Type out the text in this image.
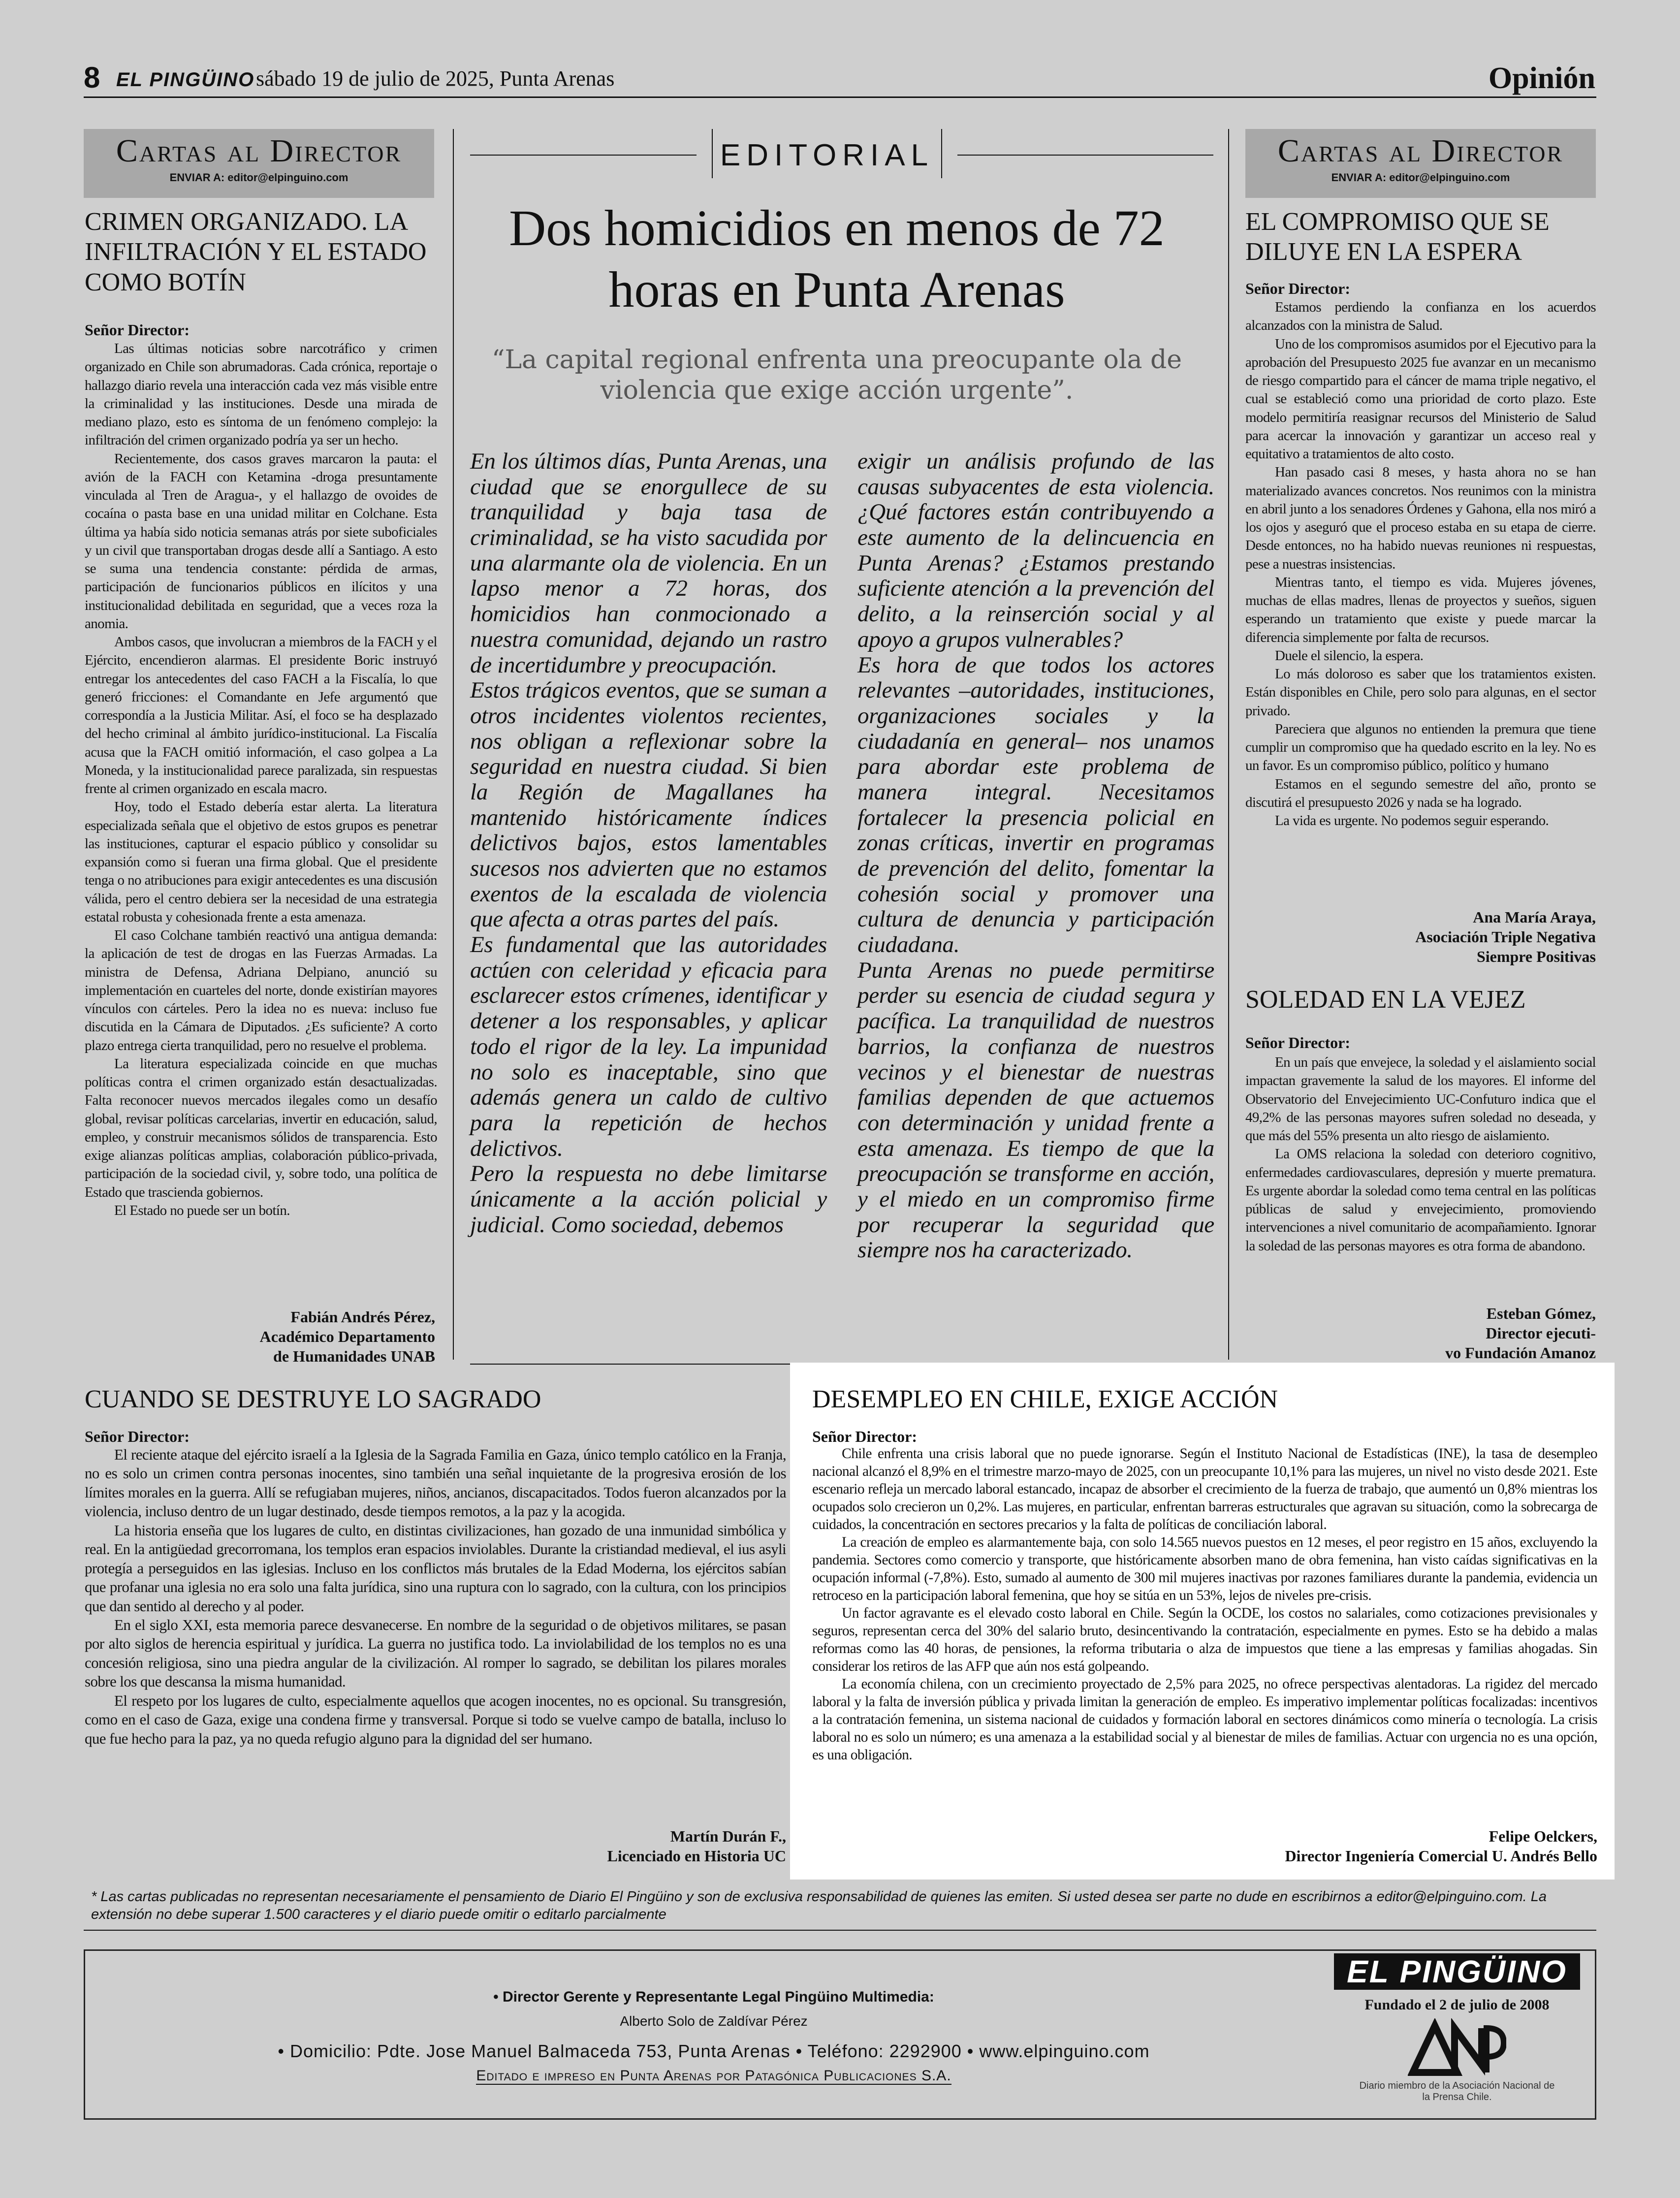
8 EL PINGÜINO sábado 19 de julio de 2025, Punta Arenas	Opinión
Cartas al Director
ENVIAR A: editor@elpinguino.com
CRIMEN ORGANIZADO. LA INFILTRACIÓN Y EL ESTADO COMO BOTÍN
Señor Director:

Las últimas noticias sobre narcotráfico y crimen organizado en Chile son abrumadoras. Cada crónica, reportaje o hallazgo diario revela una interacción cada vez más visible entre la criminalidad y las instituciones. Desde una mirada de mediano plazo, esto es síntoma de un fenómeno complejo: la infiltración del crimen organizado podría ya ser un hecho.

Recientemente, dos casos graves marcaron la pauta: el avión de la FACH con Ketamina -droga presuntamente vinculada al Tren de Aragua-, y el hallazgo de ovoides de cocaína o pasta base en una unidad militar en Colchane. Esta última ya había sido noticia semanas atrás por siete suboficiales y un civil que transportaban drogas desde allí a Santiago. A esto se suma una tendencia constante: pérdida de armas, participación de funcionarios públicos en ilícitos y una institucionalidad debilitada en seguridad, que a veces roza la anomia.

Ambos casos, que involucran a miembros de la FACH y el Ejército, encendieron alarmas. El presidente Boric instruyó entregar los antecedentes del caso FACH a la Fiscalía, lo que generó fricciones: el Comandante en Jefe argumentó que correspondía a la Justicia Militar. Así, el foco se ha desplazado del hecho criminal al ámbito jurídico-institucional. La Fiscalía acusa que la FACH omitió información, el caso golpea a La Moneda, y la institucionalidad parece paralizada, sin respuestas frente al crimen organizado en escala macro.

Hoy, todo el Estado debería estar alerta. La literatura especializada señala que el objetivo de estos grupos es penetrar las instituciones, capturar el espacio público y consolidar su expansión como si fueran una firma global. Que el presidente tenga o no atribuciones para exigir antecedentes es una discusión válida, pero el centro debiera ser la necesidad de una estrategia estatal robusta y cohesionada frente a esta amenaza.

El caso Colchane también reactivó una antigua demanda: la aplicación de test de drogas en las Fuerzas Armadas. La ministra de Defensa, Adriana Delpiano, anunció su implementación en cuarteles del norte, donde existirían mayores vínculos con cárteles. Pero la idea no es nueva: incluso fue discutida en la Cámara de Diputados. ¿Es suficiente? A corto plazo entrega cierta tranquilidad, pero no resuelve el problema.

La literatura especializada coincide en que muchas políticas contra el crimen organizado están desactualizadas. Falta reconocer nuevos mercados ilegales como un desafío global, revisar políticas carcelarias, invertir en educación, salud, empleo, y construir mecanismos sólidos de transparencia. Esto exige alianzas políticas amplias, colaboración público-privada, participación de la sociedad civil, y, sobre todo, una política de Estado que trascienda gobiernos.

El Estado no puede ser un botín.

Fabián Andrés Pérez,
Académico Departamento
de Humanidades UNAB
EDITORIAL
Dos homicidios en menos de 72 horas en Punta Arenas
“La capital regional enfrenta una preocupante ola de violencia que exige acción urgente”.

En los últimos días, Punta Arenas, una ciudad que se enorgullece de su tranquilidad y baja tasa de criminalidad, se ha visto sacudida por una alarmante ola de violencia. En un lapso menor a 72 horas, dos homicidios han conmocionado a nuestra comunidad, dejando un rastro de incertidumbre y preocupación.

Estos trágicos eventos, que se suman a otros incidentes violentos recientes, nos obligan a reflexionar sobre la seguridad en nuestra ciudad. Si bien la Región de Magallanes ha mantenido históricamente índices delictivos bajos, estos lamentables sucesos nos advierten que no estamos exentos de la escalada de violencia que afecta a otras partes del país.

Es fundamental que las autoridades actúen con celeridad y eficacia para esclarecer estos crímenes, identificar y detener a los responsables, y aplicar todo el rigor de la ley. La impunidad no solo es inaceptable, sino que además genera un caldo de cultivo para la repetición de hechos delictivos.

Pero la respuesta no debe limitarse únicamente a la acción policial y judicial. Como sociedad, debemos

exigir un análisis profundo de las causas subyacentes de esta violencia. ¿Qué factores están contribuyendo a este aumento de la delincuencia en Punta Arenas? ¿Estamos prestando suficiente atención a la prevención del delito, a la reinserción social y al apoyo a grupos vulnerables?

Es hora de que todos los actores relevantes –autoridades, instituciones, organizaciones sociales y la ciudadanía en general– nos unamos para abordar este problema de manera integral. Necesitamos fortalecer la presencia policial en zonas críticas, invertir en programas de prevención del delito, fomentar la cohesión social y promover una cultura de denuncia y participación ciudadana.

Punta Arenas no puede permitirse perder su esencia de ciudad segura y pacífica. La tranquilidad de nuestros barrios, la confianza de nuestros vecinos y el bienestar de nuestras familias dependen de que actuemos con determinación y unidad frente a esta amenaza. Es tiempo de que la preocupación se transforme en acción, y el miedo en un compromiso firme por recuperar la seguridad que siempre nos ha caracterizado.

Cartas al Director
ENVIAR A: editor@elpinguino.com
EL COMPROMISO QUE SE DILUYE EN LA ESPERA
Señor Director:

Estamos perdiendo la confianza en los acuerdos alcanzados con la ministra de Salud.

Uno de los compromisos asumidos por el Ejecutivo para la aprobación del Presupuesto 2025 fue avanzar en un mecanismo de riesgo compartido para el cáncer de mama triple negativo, el cual se estableció como una prioridad de corto plazo. Este modelo permitiría reasignar recursos del Ministerio de Salud para acercar la innovación y garantizar un acceso real y equitativo a tratamientos de alto costo.

Han pasado casi 8 meses, y hasta ahora no se han materializado avances concretos. Nos reunimos con la ministra en abril junto a los senadores Órdenes y Gahona, ella nos miró a los ojos y aseguró que el proceso estaba en su etapa de cierre. Desde entonces, no ha habido nuevas reuniones ni respuestas, pese a nuestras insistencias.

Mientras tanto, el tiempo es vida. Mujeres jóvenes, muchas de ellas madres, llenas de proyectos y sueños, siguen esperando un tratamiento que existe y puede marcar la diferencia simplemente por falta de recursos.

Duele el silencio, la espera.

Lo más doloroso es saber que los tratamientos existen. Están disponibles en Chile, pero solo para algunas, en el sector privado.

Pareciera que algunos no entienden la premura que tiene cumplir un compromiso que ha quedado escrito en la ley. No es un favor. Es un compromiso público, político y humano

Estamos en el segundo semestre del año, pronto se discutirá el presupuesto 2026 y nada se ha logrado.

La vida es urgente. No podemos seguir esperando.

Ana María Araya,
Asociación Triple Negativa
Siempre Positivas
SOLEDAD EN LA VEJEZ
Señor Director:

En un país que envejece, la soledad y el aislamiento social impactan gravemente la salud de los mayores. El informe del Observatorio del Envejecimiento UC-Confuturo indica que el 49,2% de las personas mayores sufren soledad no deseada, y que más del 55% presenta un alto riesgo de aislamiento.

La OMS relaciona la soledad con deterioro cognitivo, enfermedades cardiovasculares, depresión y muerte prematura. Es urgente abordar la soledad como tema central en las políticas públicas de salud y envejecimiento, promoviendo intervenciones a nivel comunitario de acompañamiento. Ignorar la soledad de las personas mayores es otra forma de abandono.

Esteban Gómez,
Director ejecuti-
vo Fundación Amanoz
CUANDO SE DESTRUYE LO SAGRADO
Señor Director:

El reciente ataque del ejército israelí a la Iglesia de la Sagrada Familia en Gaza, único templo católico en la Franja, no es solo un crimen contra personas inocentes, sino también una señal inquietante de la progresiva erosión de los límites morales en la guerra. Allí se refugiaban mujeres, niños, ancianos, discapacitados. Todos fueron alcanzados por la violencia, incluso dentro de un lugar destinado, desde tiempos remotos, a la paz y la acogida.

La historia enseña que los lugares de culto, en distintas civilizaciones, han gozado de una inmunidad simbólica y real. En la antigüedad grecorromana, los templos eran espacios inviolables. Durante la cristiandad medieval, el ius asyli protegía a perseguidos en las iglesias. Incluso en los conflictos más brutales de la Edad Moderna, los ejércitos sabían que profanar una iglesia no era solo una falta jurídica, sino una ruptura con lo sagrado, con la cultura, con los principios que dan sentido al derecho y al poder.

En el siglo XXI, esta memoria parece desvanecerse. En nombre de la seguridad o de objetivos militares, se pasan por alto siglos de herencia espiritual y jurídica. La guerra no justifica todo. La inviolabilidad de los templos no es una concesión religiosa, sino una piedra angular de la civilización. Al romper lo sagrado, se debilitan los pilares morales sobre los que descansa la misma humanidad.

El respeto por los lugares de culto, especialmente aquellos que acogen inocentes, no es opcional. Su transgresión, como en el caso de Gaza, exige una condena firme y transversal. Porque si todo se vuelve campo de batalla, incluso lo que fue hecho para la paz, ya no queda refugio alguno para la dignidad del ser humano.

Martín Durán F.,
Licenciado en Historia UC
DESEMPLEO EN CHILE, EXIGE ACCIÓN
Señor Director:

Chile enfrenta una crisis laboral que no puede ignorarse. Según el Instituto Nacional de Estadísticas (INE), la tasa de desempleo nacional alcanzó el 8,9% en el trimestre marzo-mayo de 2025, con un preocupante 10,1% para las mujeres, un nivel no visto desde 2021. Este escenario refleja un mercado laboral estancado, incapaz de absorber el crecimiento de la fuerza de trabajo, que aumentó un 0,8% mientras los ocupados solo crecieron un 0,2%. Las mujeres, en particular, enfrentan barreras estructurales que agravan su situación, como la sobrecarga de cuidados, la concentración en sectores precarios y la falta de políticas de conciliación laboral.

La creación de empleo es alarmantemente baja, con solo 14.565 nuevos puestos en 12 meses, el peor registro en 15 años, excluyendo la pandemia. Sectores como comercio y transporte, que históricamente absorben mano de obra femenina, han visto caídas significativas en la ocupación informal (-7,8%). Esto, sumado al aumento de 300 mil mujeres inactivas por razones familiares durante la pandemia, evidencia un retroceso en la participación laboral femenina, que hoy se sitúa en un 53%, lejos de niveles pre-crisis.

Un factor agravante es el elevado costo laboral en Chile. Según la OCDE, los costos no salariales, como cotizaciones previsionales y seguros, representan cerca del 30% del salario bruto, desincentivando la contratación, especialmente en pymes. Esto se ha debido a malas reformas como las 40 horas, de pensiones, la reforma tributaria o alza de impuestos que tiene a las empresas y familias ahogadas. Sin considerar los retiros de las AFP que aún nos está golpeando.

La economía chilena, con un crecimiento proyectado de 2,5% para 2025, no ofrece perspectivas alentadoras. La rigidez del mercado laboral y la falta de inversión pública y privada limitan la generación de empleo. Es imperativo implementar políticas focalizadas: incentivos a la contratación femenina, un sistema nacional de cuidados y formación laboral en sectores dinámicos como minería o tecnología. La crisis laboral no es solo un número; es una amenaza a la estabilidad social y al bienestar de miles de familias. Actuar con urgencia no es una opción, es una obligación.

Felipe Oelckers,
Director Ingeniería Comercial U. Andrés Bello
* Las cartas publicadas no representan necesariamente el pensamiento de Diario El Pingüino y son de exclusiva responsabilidad de quienes las emiten. Si usted desea ser parte no dude en escribirnos a editor@elpinguino.com. La extensión no debe superar 1.500 caracteres y el diario puede omitir o editarlo parcialmente
• Director Gerente y Representante Legal Pingüino Multimedia:
Alberto Solo de Zaldívar Pérez
• Domicilio: Pdte. Jose Manuel Balmaceda 753, Punta Arenas • Teléfono: 2292900 • www.elpinguino.com
Editado e impreso en Punta Arenas por Patagónica Publicaciones S.A.
EL PINGÜINO
Fundado el 2 de julio de 2008
Diario miembro de la Asociación Nacional de la Prensa Chile.
